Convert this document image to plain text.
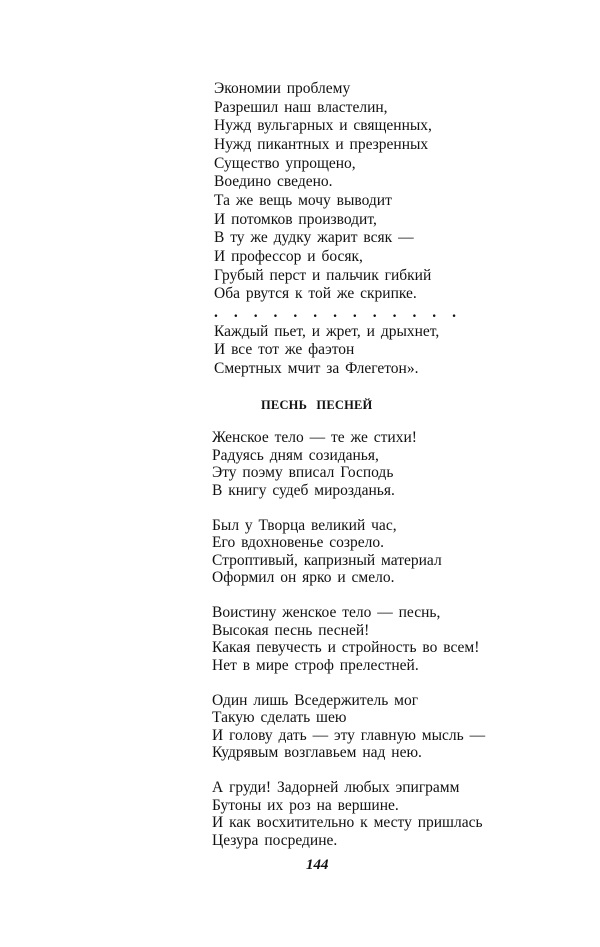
Экономии проблему
Разрешил наш властелин,
Нужд вульгарных и священных,
Нужд пикантных и презренных
Существо упрощено,
Воедино сведено.
Та же вещь мочу выводит
И потомков производит,
В ту же дудку жарит всяк —
И профессор и босяк,
Грубый перст и пальчик гибкий
Оба рвутся к той же скрипке.
. . . . . . . . . . . . .
Каждый пьет, и жрет, и дрыхнет,
И все тот же фаэтон
Смертных мчит за Флегетон».
ПЕСНЬ ПЕСНЕЙ
Женское тело — те же стихи!
Радуясь дням созиданья,
Эту поэму вписал Господь
В книгу судеб мирозданья.
Был у Творца великий час,
Его вдохновенье созрело.
Строптивый, капризный материал
Оформил он ярко и смело.
Воистину женское тело — песнь,
Высокая песнь песней!
Какая певучесть и стройность во всем!
Нет в мире строф прелестней.
Один лишь Вседержитель мог
Такую сделать шею
И голову дать — эту главную мысль —
Кудрявым возглавьем над нею.
А груди! Задорней любых эпиграмм
Бутоны их роз на вершине.
И как восхитительно к месту пришлась
Цезура посредине.
144
